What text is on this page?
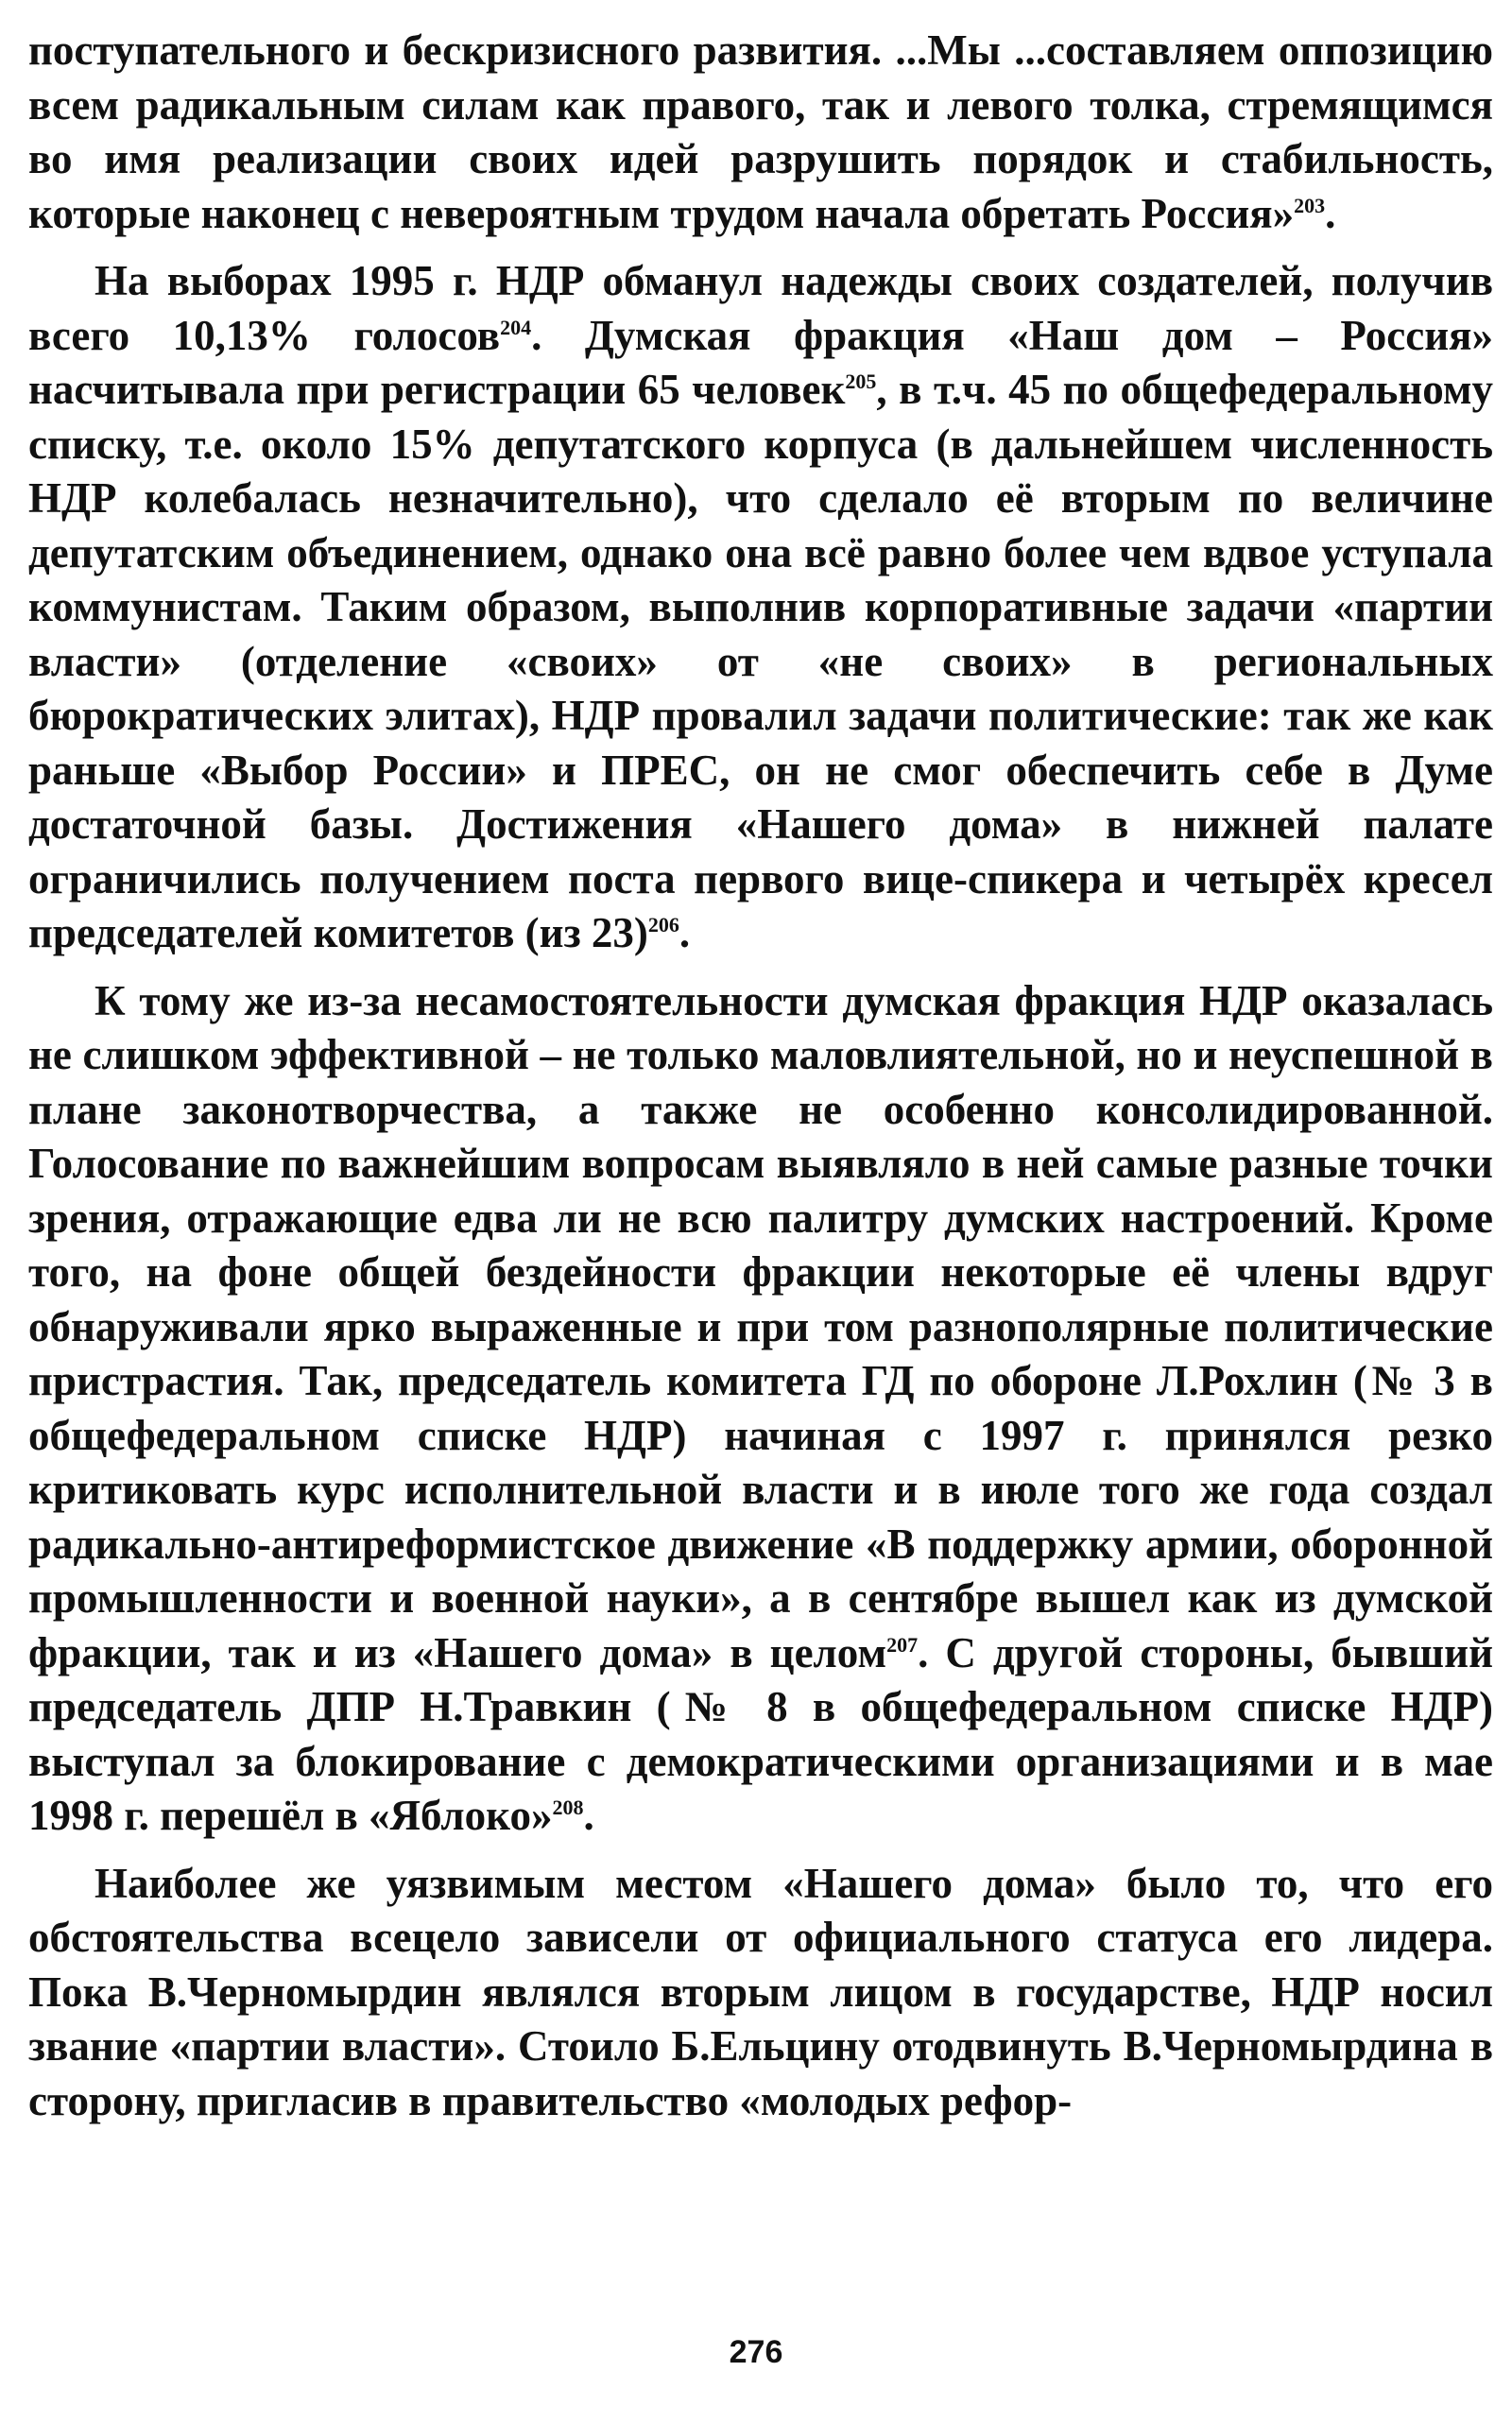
поступательного и бескризисного развития. ...Мы ...составляем оппозицию всем радикальным силам как правого, так и левого толка, стремящимся во имя реализации своих идей разрушить порядок и стабильность, которые наконец с невероятным трудом начала обретать Россия»$^{203}$.

На выборах 1995 г. НДР обманул надежды своих создателей, получив всего 10,13% голосов$^{204}$. Думская фракция «Наш дом – Россия» насчитывала при регистрации 65 человек$^{205}$, в т.ч. 45 по общефедеральному списку, т.е. около 15% депутатского корпуса (в дальнейшем численность НДР колебалась незначительно), что сделало её вторым по величине депутатским объединением, однако она всё равно более чем вдвое уступала коммунистам. Таким образом, выполнив корпоративные задачи «партии власти» (отделение «своих» от «не своих» в региональных бюрократических элитах), НДР провалил задачи политические: так же как раньше «Выбор России» и ПРЕС, он не смог обеспечить себе в Думе достаточной базы. Достижения «Нашего дома» в нижней палате ограничились получением поста первого вице-спикера и четырёх кресел председателей комитетов (из 23)$^{206}$.

К тому же из-за несамостоятельности думская фракция НДР оказалась не слишком эффективной – не только маловлиятельной, но и неуспешной в плане законотворчества, а также не особенно консолидированной. Голосование по важнейшим вопросам выявляло в ней самые разные точки зрения, отражающие едва ли не всю палитру думских настроений. Кроме того, на фоне общей бездейности фракции некоторые её члены вдруг обнаруживали ярко выраженные и при том разнополярные политические пристрастия. Так, председатель комитета ГД по обороне Л.Рохлин (№ 3 в общефедеральном списке НДР) начиная с 1997 г. принялся резко критиковать курс исполнительной власти и в июле того же года создал радикально-антиреформистское движение «В поддержку армии, оборонной промышленности и военной науки», а в сентябре вышел как из думской фракции, так и из «Нашего дома» в целом$^{207}$. С другой стороны, бывший председатель ДПР Н.Травкин (№ 8 в общефедеральном списке НДР) выступал за блокирование с демократическими организациями и в мае 1998 г. перешёл в «Яблоко»$^{208}$.

Наиболее же уязвимым местом «Нашего дома» было то, что его обстоятельства всецело зависели от официального статуса его лидера. Пока В.Черномырдин являлся вторым лицом в государстве, НДР носил звание «партии власти». Стоило Б.Ельцину отодвинуть В.Черномырдина в сторону, пригласив в правительство «молодых рефор-

276
